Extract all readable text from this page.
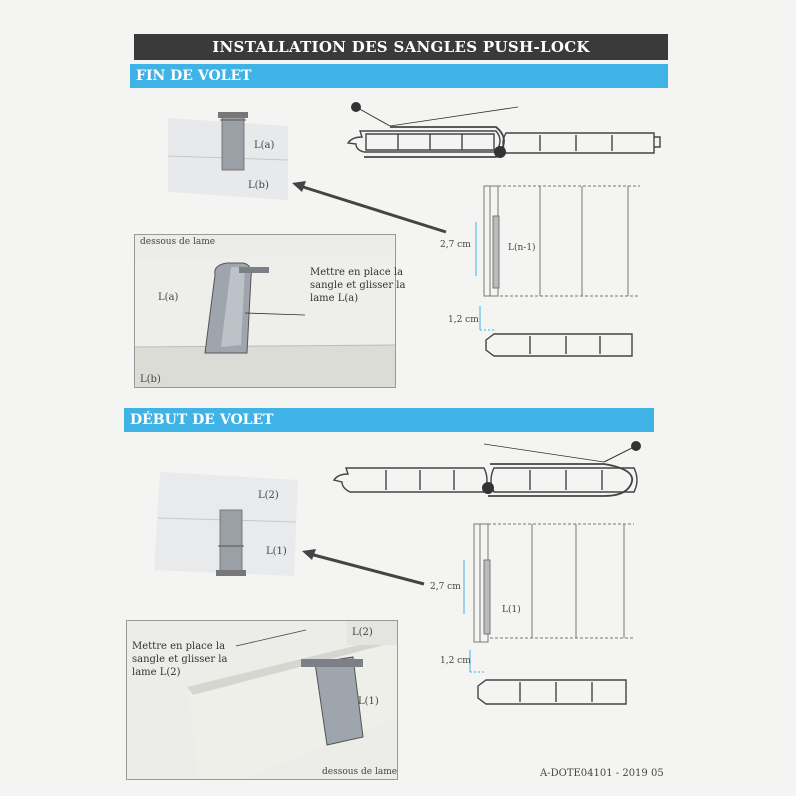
INSTALLATION DES SANGLES PUSH-LOCK
FIN DE VOLET
L(a)
L(b)
dessous de lame
L(a)
L(b)
Mettre en place la
sangle et glisser la
lame L(a)
L(n-1)
2,7 cm
1,2 cm
DÉBUT DE VOLET
L(2)
L(1)
L(2)
L(1)
dessous de lame
Mettre en place la
sangle et glisser la
lame L(2)
L(1)
2,7 cm
1,2 cm
A-DOTE04101 - 2019 05
